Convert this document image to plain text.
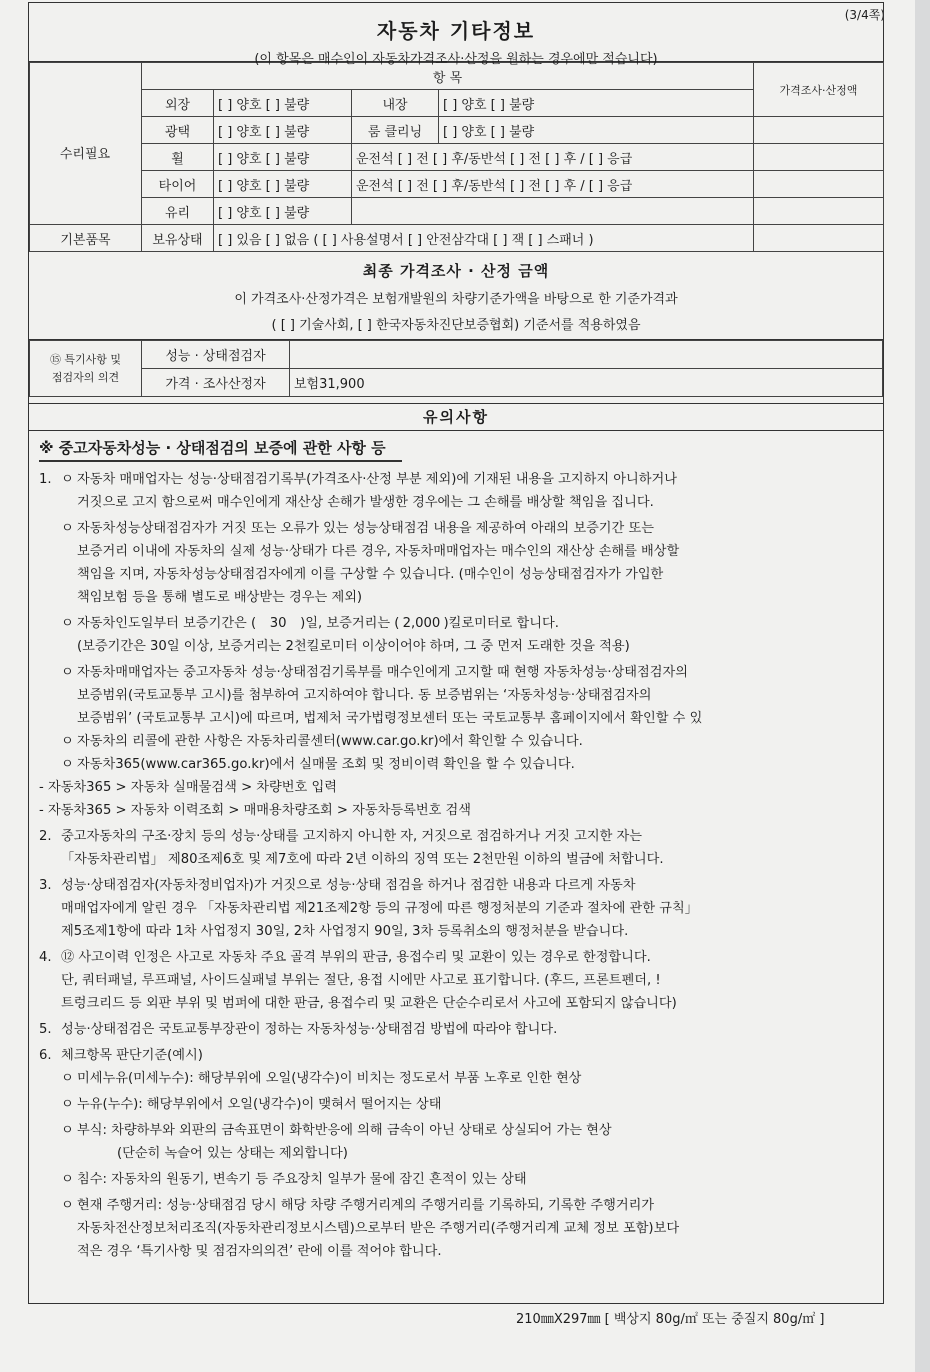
(3/4쪽)
자동차 기타정보
(이 항목은 매수인이 자동차가격조사·산정을 원하는 경우에만 적습니다)
	항 목				가격조사·산정액
	외장	[ ] 양호 [ ] 불량	내장	[ ] 양호 [ ] 불량	
	광택	[ ] 양호 [ ] 불량	룸 클리닝	[ ] 양호 [ ] 불량	
	휠	[ ] 양호 [ ] 불량	운전석 [ ] 전 [ ] 후/동반석 [ ] 전 [ ] 후 / [ ] 응급		
	타이어	[ ] 양호 [ ] 불량	운전석 [ ] 전 [ ] 후/동반석 [ ] 전 [ ] 후 / [ ] 응급		
	유리	[ ] 양호 [ ] 불량			
기본품목	보유상태	[ ] 있음 [ ] 없음 ( [ ] 사용설명서 [ ] 안전삼각대 [ ] 잭 [ ] 스패너 )			
수리필요
최종 가격조사 · 산정 금액
이 가격조사·산정가격은 보험개발원의 차량기준가액을 바탕으로 한 기준가격과
( [ ] 기술사회, [ ] 한국자동차진단보증협회) 기준서를 적용하였음
⑮ 특기사항 및
점검자의 의견	성능 · 상태점검자	
	가격 · 조사산정자	보험31,900
유의사항
※ 중고자동차성능 · 상태점검의 보증에 관한 사항 등
1. ㅇ 자동차 매매업자는 성능·상태점검기록부(가격조사·산정 부분 제외)에 기재된 내용을 고지하지 아니하거나
거짓으로 고지 함으로써 매수인에게 재산상 손해가 발생한 경우에는 그 손해를 배상할 책임을 집니다.
ㅇ 자동차성능상태점검자가 거짓 또는 오류가 있는 성능상태점검 내용을 제공하여 아래의 보증기간 또는
보증거리 이내에 자동차의 실제 성능·상태가 다른 경우, 자동차매매업자는 매수인의 재산상 손해를 배상할
책임을 지며, 자동차성능상태점검자에게 이를 구상할 수 있습니다. (매수인이 성능상태점검자가 가입한
책임보험 등을 통해 별도로 배상받는 경우는 제외)
ㅇ 자동차인도일부터 보증기간은 ( 30 )일, 보증거리는 ( 2,000 )킬로미터로 합니다.
(보증기간은 30일 이상, 보증거리는 2천킬로미터 이상이어야 하며, 그 중 먼저 도래한 것을 적용)
ㅇ 자동차매매업자는 중고자동차 성능·상태점검기록부를 매수인에게 고지할 때 현행 자동차성능·상태점검자의
보증범위(국토교통부 고시)를 첨부하여 고지하여야 합니다. 동 보증범위는 ‘자동차성능·상태점검자의
보증범위’ (국토교통부 고시)에 따르며, 법제처 국가법령정보센터 또는 국토교통부 홈페이지에서 확인할 수 있
ㅇ 자동차의 리콜에 관한 사항은 자동차리콜센터(www.car.go.kr)에서 확인할 수 있습니다.
ㅇ 자동차365(www.car365.go.kr)에서 실매물 조회 및 정비이력 확인을 할 수 있습니다.
- 자동차365 > 자동차 실매물검색 > 차량번호 입력
- 자동차365 > 자동차 이력조회 > 매매용차량조회 > 자동차등록번호 검색
2. 중고자동차의 구조·장치 등의 성능·상태를 고지하지 아니한 자, 거짓으로 점검하거나 거짓 고지한 자는
「자동차관리법」 제80조제6호 및 제7호에 따라 2년 이하의 징역 또는 2천만원 이하의 벌금에 처합니다.
3. 성능·상태점검자(자동차정비업자)가 거짓으로 성능·상태 점검을 하거나 점검한 내용과 다르게 자동차
매매업자에게 알린 경우 「자동차관리법 제21조제2항 등의 규정에 따른 행정처분의 기준과 절차에 관한 규칙」
제5조제1항에 따라 1차 사업정지 30일, 2차 사업정지 90일, 3차 등록취소의 행정처분을 받습니다.
4. ⑫ 사고이력 인정은 사고로 자동차 주요 골격 부위의 판금, 용접수리 및 교환이 있는 경우로 한정합니다.
단, 쿼터패널, 루프패널, 사이드실패널 부위는 절단, 용접 시에만 사고로 표기합니다. (후드, 프론트펜더, !
트렁크리드 등 외판 부위 및 범퍼에 대한 판금, 용접수리 및 교환은 단순수리로서 사고에 포함되지 않습니다)
5. 성능·상태점검은 국토교통부장관이 정하는 자동차성능·상태점검 방법에 따라야 합니다.
6. 체크항목 판단기준(예시)
ㅇ 미세누유(미세누수): 해당부위에 오일(냉각수)이 비치는 정도로서 부품 노후로 인한 현상
ㅇ 누유(누수): 해당부위에서 오일(냉각수)이 맺혀서 떨어지는 상태
ㅇ 부식: 차량하부와 외판의 금속표면이 화학반응에 의해 금속이 아닌 상태로 상실되어 가는 현상
(단순히 녹슬어 있는 상태는 제외합니다)
ㅇ 침수: 자동차의 원동기, 변속기 등 주요장치 일부가 물에 잠긴 흔적이 있는 상태
ㅇ 현재 주행거리: 성능·상태점검 당시 해당 차량 주행거리계의 주행거리를 기록하되, 기록한 주행거리가
자동차전산정보처리조직(자동차관리정보시스템)으로부터 받은 주행거리(주행거리계 교체 정보 포함)보다
적은 경우 ‘특기사항 및 점검자의의견’ 란에 이를 적어야 합니다.
210㎜X297㎜ [ 백상지 80g/㎡ 또는 중질지 80g/㎡ ]
